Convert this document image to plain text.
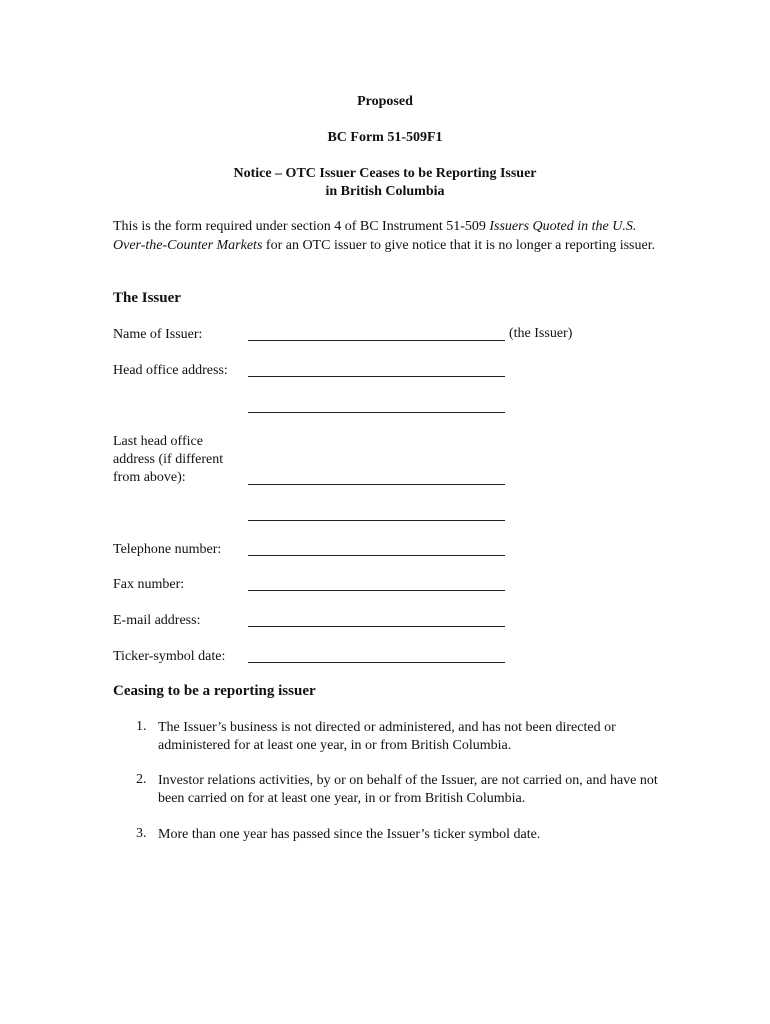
Proposed
BC Form 51-509F1
Notice – OTC Issuer Ceases to be Reporting Issuer
in British Columbia
This is the form required under section 4 of BC Instrument 51-509 Issuers Quoted in the U.S. Over-the-Counter Markets for an OTC issuer to give notice that it is no longer a reporting issuer.
The Issuer
Name of Issuer:	(the Issuer)
Head office address:
Last head office
address (if different
from above):
Telephone number:
Fax number:
E-mail address:
Ticker-symbol date:
Ceasing to be a reporting issuer
1. The Issuer’s business is not directed or administered, and has not been directed or administered for at least one year, in or from British Columbia.
2. Investor relations activities, by or on behalf of the Issuer, are not carried on, and have not been carried on for at least one year, in or from British Columbia.
3. More than one year has passed since the Issuer’s ticker symbol date.
